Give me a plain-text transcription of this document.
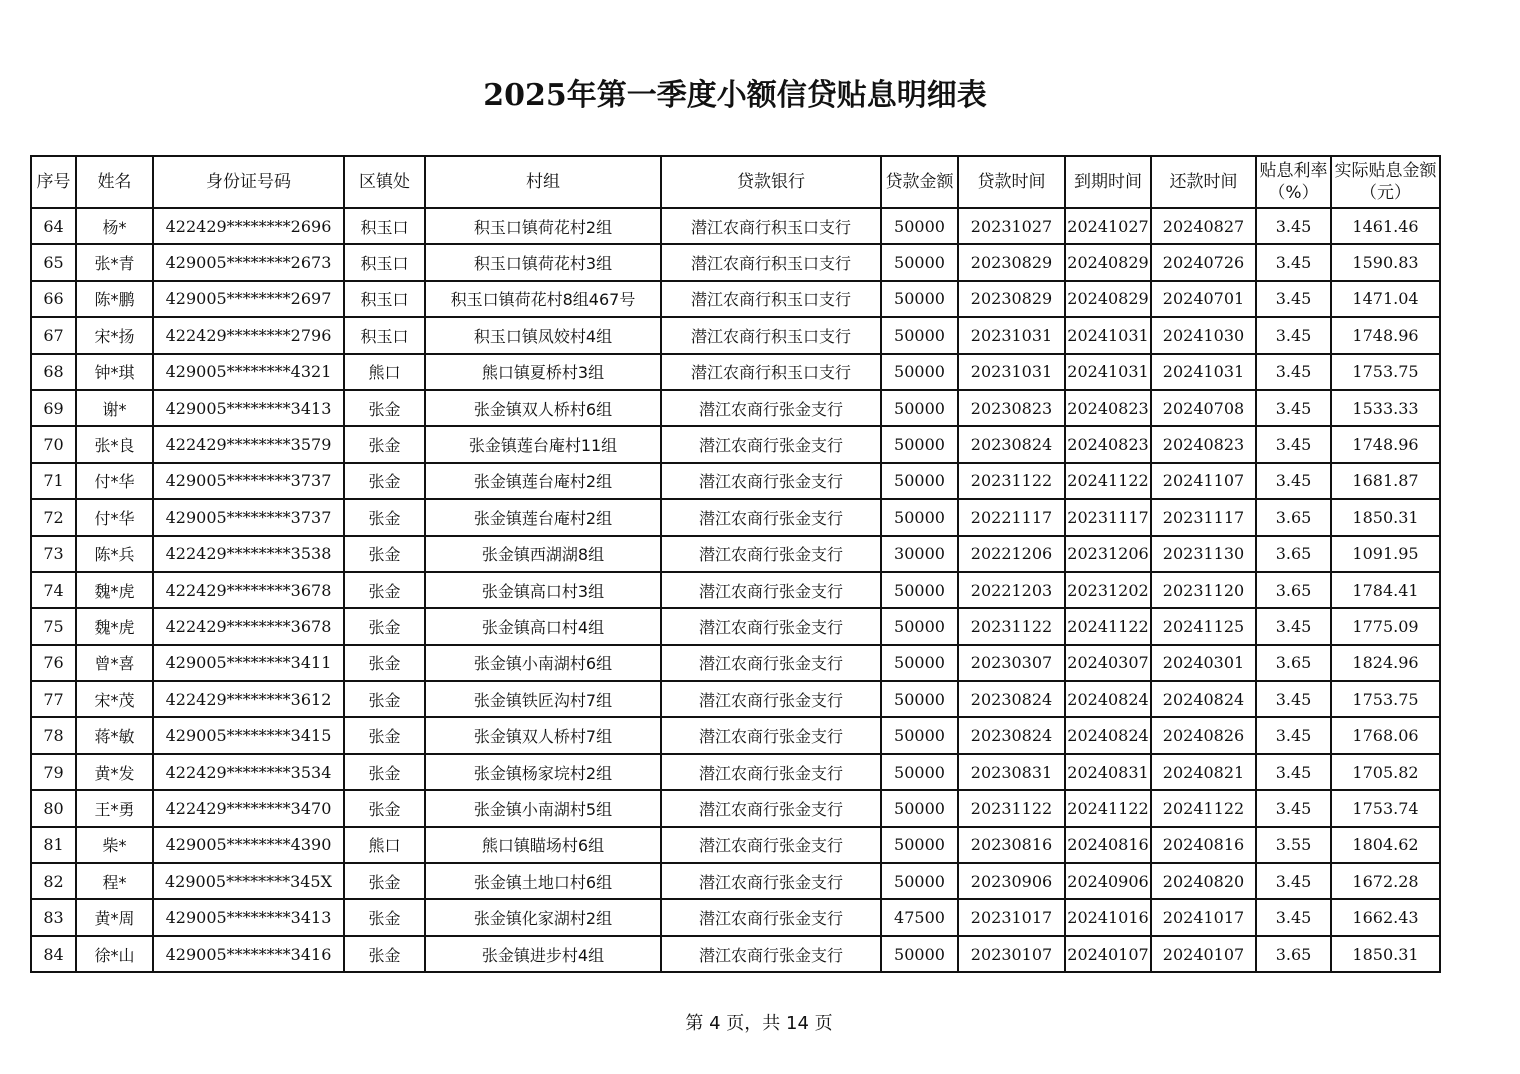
2025年第一季度小额信贷贴息明细表
序号	姓名	身份证号码	区镇处	村组	贷款银行	贷款金额	贷款时间	到期时间	还款时间	贴息利率（%）	实际贴息金额（元）
64	杨*	422429********2696	积玉口	积玉口镇荷花村2组	潜江农商行积玉口支行	50000	20231027	20241027	20240827	3.45	1461.46
65	张*青	429005********2673	积玉口	积玉口镇荷花村3组	潜江农商行积玉口支行	50000	20230829	20240829	20240726	3.45	1590.83
66	陈*鹏	429005********2697	积玉口	积玉口镇荷花村8组467号	潜江农商行积玉口支行	50000	20230829	20240829	20240701	3.45	1471.04
67	宋*扬	422429********2796	积玉口	积玉口镇凤姣村4组	潜江农商行积玉口支行	50000	20231031	20241031	20241030	3.45	1748.96
68	钟*琪	429005********4321	熊口	熊口镇夏桥村3组	潜江农商行积玉口支行	50000	20231031	20241031	20241031	3.45	1753.75
69	谢*	429005********3413	张金	张金镇双人桥村6组	潜江农商行张金支行	50000	20230823	20240823	20240708	3.45	1533.33
70	张*良	422429********3579	张金	张金镇莲台庵村11组	潜江农商行张金支行	50000	20230824	20240823	20240823	3.45	1748.96
71	付*华	429005********3737	张金	张金镇莲台庵村2组	潜江农商行张金支行	50000	20231122	20241122	20241107	3.45	1681.87
72	付*华	429005********3737	张金	张金镇莲台庵村2组	潜江农商行张金支行	50000	20221117	20231117	20231117	3.65	1850.31
73	陈*兵	422429********3538	张金	张金镇西湖湖8组	潜江农商行张金支行	30000	20221206	20231206	20231130	3.65	1091.95
74	魏*虎	422429********3678	张金	张金镇高口村3组	潜江农商行张金支行	50000	20221203	20231202	20231120	3.65	1784.41
75	魏*虎	422429********3678	张金	张金镇高口村4组	潜江农商行张金支行	50000	20231122	20241122	20241125	3.45	1775.09
76	曾*喜	429005********3411	张金	张金镇小南湖村6组	潜江农商行张金支行	50000	20230307	20240307	20240301	3.65	1824.96
77	宋*茂	422429********3612	张金	张金镇铁匠沟村7组	潜江农商行张金支行	50000	20230824	20240824	20240824	3.45	1753.75
78	蒋*敏	429005********3415	张金	张金镇双人桥村7组	潜江农商行张金支行	50000	20230824	20240824	20240826	3.45	1768.06
79	黄*发	422429********3534	张金	张金镇杨家垸村2组	潜江农商行张金支行	50000	20230831	20240831	20240821	3.45	1705.82
80	王*勇	422429********3470	张金	张金镇小南湖村5组	潜江农商行张金支行	50000	20231122	20241122	20241122	3.45	1753.74
81	柴*	429005********4390	熊口	熊口镇瞄场村6组	潜江农商行张金支行	50000	20230816	20240816	20240816	3.55	1804.62
82	程*	429005********345X	张金	张金镇土地口村6组	潜江农商行张金支行	50000	20230906	20240906	20240820	3.45	1672.28
83	黄*周	429005********3413	张金	张金镇化家湖村2组	潜江农商行张金支行	47500	20231017	20241016	20241017	3.45	1662.43
84	徐*山	429005********3416	张金	张金镇进步村4组	潜江农商行张金支行	50000	20230107	20240107	20240107	3.65	1850.31
第 4 页，共 14 页
